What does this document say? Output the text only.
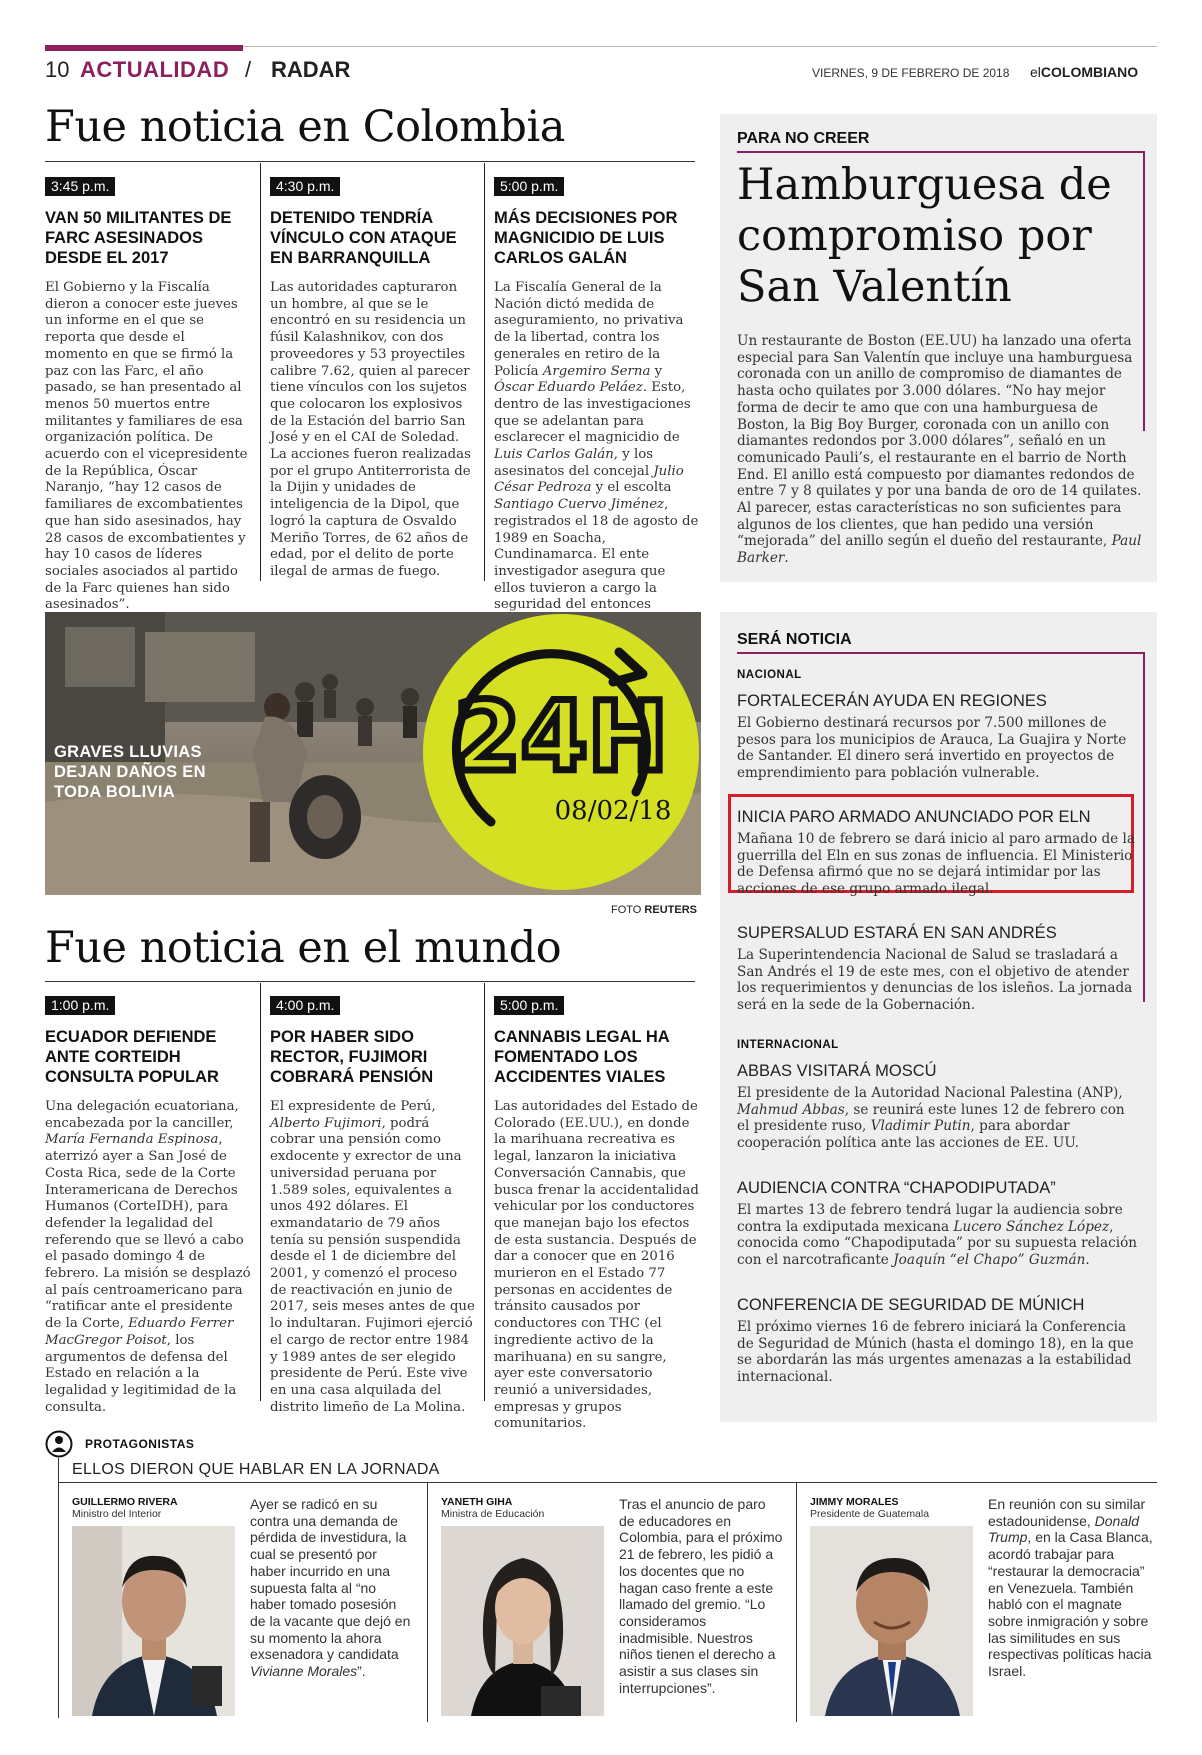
10 ACTUALIDAD / RADAR	VIERNES, 9 DE FEBRERO DE 2018 elCOLOMBIANO
Fue noticia en Colombia
3:45 p.m.
VAN 50 MILITANTES DE FARC ASESINADOS DESDE EL 2017
El Gobierno y la Fiscalía dieron a conocer este jueves un informe en el que se reporta que desde el momento en que se firmó la paz con las Farc, el año pasado, se han presentado al menos 50 muertos entre militantes y familiares de esa organización política. De acuerdo con el vicepresidente de la República, Óscar Naranjo, “hay 12 casos de familiares de excombatientes que han sido asesinados, hay 28 casos de excombatientes y hay 10 casos de líderes sociales asociados al partido de la Farc quienes han sido asesinados”.
4:30 p.m.
DETENIDO TENDRÍA VÍNCULO CON ATAQUE EN BARRANQUILLA
Las autoridades capturaron un hombre, al que se le encontró en su residencia un fúsil Kalashnikov, con dos proveedores y 53 proyectiles calibre 7.62, quien al parecer tiene vínculos con los sujetos que colocaron los explosivos de la Estación del barrio San José y en el CAI de Soledad. La acciones fueron realizadas por el grupo Antiterrorista de la Dijin y unidades de inteligencia de la Dipol, que logró la captura de Osvaldo Meriño Torres, de 62 años de edad, por el delito de porte ilegal de armas de fuego.
5:00 p.m.
MÁS DECISIONES POR MAGNICIDIO DE LUIS CARLOS GALÁN
La Fiscalía General de la Nación dictó medida de aseguramiento, no privativa de la libertad, contra los generales en retiro de la Policía Argemiro Serna y Óscar Eduardo Peláez. Esto, dentro de las investigaciones que se adelantan para esclarecer el magnicidio de Luis Carlos Galán, y los asesinatos del concejal Julio César Pedroza y el escolta Santiago Cuervo Jiménez, registrados el 18 de agosto de 1989 en Soacha, Cundinamarca. El ente investigador asegura que ellos tuvieron a cargo la seguridad del entonces
PARA NO CREER
Hamburguesa de compromiso por San Valentín
Un restaurante de Boston (EE.UU) ha lanzado una oferta especial para San Valentín que incluye una hamburguesa coronada con un anillo de compromiso de diamantes de hasta ocho quilates por 3.000 dólares. “No hay mejor forma de decir te amo que con una hamburguesa de Boston, la Big Boy Burger, coronada con un anillo con diamantes redondos por 3.000 dólares”, señaló en un comunicado Pauli’s, el restaurante en el barrio de North End. El anillo está compuesto por diamantes redondos de entre 7 y 8 quilates y por una banda de oro de 14 quilates. Al parecer, estas características no son suficientes para algunos de los clientes, que han pedido una versión “mejorada” del anillo según el dueño del restaurante, Paul Barker.
GRAVES LLUVIAS DEJAN DAÑOS EN TODA BOLIVIA	24H
08/02/18
FOTO REUTERS
SERÁ NOTICIA
NACIONAL
FORTALECERÁN AYUDA EN REGIONES
El Gobierno destinará recursos por 7.500 millones de pesos para los municipios de Arauca, La Guajira y Norte de Santander. El dinero será invertido en proyectos de emprendimiento para población vulnerable.
INICIA PARO ARMADO ANUNCIADO POR ELN
Mañana 10 de febrero se dará inicio al paro armado de la guerrilla del Eln en sus zonas de influencia. El Ministerio de Defensa afirmó que no se dejará intimidar por las acciones de ese grupo armado ilegal.
SUPERSALUD ESTARÁ EN SAN ANDRÉS
La Superintendencia Nacional de Salud se trasladará a San Andrés el 19 de este mes, con el objetivo de atender los requerimientos y denuncias de los isleños. La jornada será en la sede de la Gobernación.
INTERNACIONAL
ABBAS VISITARÁ MOSCÚ
El presidente de la Autoridad Nacional Palestina (ANP), Mahmud Abbas, se reunirá este lunes 12 de febrero con el presidente ruso, Vladimir Putin, para abordar cooperación política ante las acciones de EE. UU.
AUDIENCIA CONTRA “CHAPODIPUTADA”
El martes 13 de febrero tendrá lugar la audiencia sobre contra la exdiputada mexicana Lucero Sánchez López, conocida como “Chapodiputada” por su supuesta relación con el narcotraficante Joaquín “el Chapo” Guzmán.
CONFERENCIA DE SEGURIDAD DE MÚNICH
El próximo viernes 16 de febrero iniciará la Conferencia de Seguridad de Múnich (hasta el domingo 18), en la que se abordarán las más urgentes amenazas a la estabilidad internacional.
Fue noticia en el mundo
1:00 p.m.
ECUADOR DEFIENDE ANTE CORTEIDH CONSULTA POPULAR
Una delegación ecuatoriana, encabezada por la canciller, María Fernanda Espinosa, aterrizó ayer a San José de Costa Rica, sede de la Corte Interamericana de Derechos Humanos (CorteIDH), para defender la legalidad del referendo que se llevó a cabo el pasado domingo 4 de febrero. La misión se desplazó al país centroamericano para “ratificar ante el presidente de la Corte, Eduardo Ferrer MacGregor Poisot, los argumentos de defensa del Estado en relación a la legalidad y legitimidad de la consulta.
4:00 p.m.
POR HABER SIDO RECTOR, FUJIMORI COBRARÁ PENSIÓN
El expresidente de Perú, Alberto Fujimori, podrá cobrar una pensión como exdocente y exrector de una universidad peruana por 1.589 soles, equivalentes a unos 492 dólares. El exmandatario de 79 años tenía su pensión suspendida desde el 1 de diciembre del 2001, y comenzó el proceso de reactivación en junio de 2017, seis meses antes de que lo indultaran. Fujimori ejerció el cargo de rector entre 1984 y 1989 antes de ser elegido presidente de Perú. Este vive en una casa alquilada del distrito limeño de La Molina.
5:00 p.m.
CANNABIS LEGAL HA FOMENTADO LOS ACCIDENTES VIALES
Las autoridades del Estado de Colorado (EE.UU.), en donde la marihuana recreativa es legal, lanzaron la iniciativa Conversación Cannabis, que busca frenar la accidentalidad vehicular por los conductores que manejan bajo los efectos de esta sustancia. Después de dar a conocer que en 2016 murieron en el Estado 77 personas en accidentes de tránsito causados por conductores con THC (el ingrediente activo de la marihuana) en su sangre, ayer este conversatorio reunió a universidades, empresas y grupos comunitarios.
PROTAGONISTAS
ELLOS DIERON QUE HABLAR EN LA JORNADA
GUILLERMO RIVERA
Ministro del Interior
Ayer se radicó en su contra una demanda de pérdida de investidura, la cual se presentó por haber incurrido en una supuesta falta al “no haber tomado posesión de la vacante que dejó en su momento la ahora exsenadora y candidata Vivianne Morales”.
YANETH GIHA
Ministra de Educación
Tras el anuncio de paro de educadores en Colombia, para el próximo 21 de febrero, les pidió a los docentes que no hagan caso frente a este llamado del gremio. “Lo consideramos inadmisible. Nuestros niños tienen el derecho a asistir a sus clases sin interrupciones”.
JIMMY MORALES
Presidente de Guatemala
En reunión con su similar estadounidense, Donald Trump, en la Casa Blanca, acordó trabajar para “restaurar la democracia” en Venezuela. También habló con el magnate sobre inmigración y sobre las similitudes en sus respectivas políticas hacia Israel.
